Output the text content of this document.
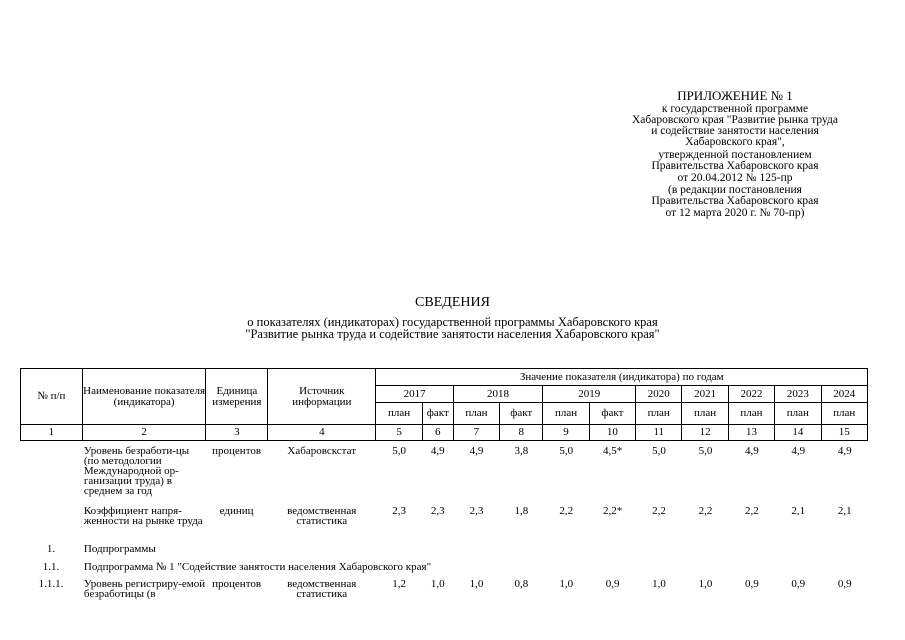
ПРИЛОЖЕНИЕ № 1
к государственной программе
Хабаровского края "Развитие рынка труда
и содействие занятости населения
Хабаровского края",
утвержденной постановлением
Правительства Хабаровского края
от 20.04.2012 № 125-пр
(в редакции постановления
Правительства Хабаровского края
от 12 марта 2020 г. № 70-пр)
СВЕДЕНИЯ
о показателях (индикаторах) государственной программы Хабаровского края
"Развитие рынка труда и содействие занятости населения Хабаровского края"
№ п/п	Наименование показателя (индикатора)	Единица измерения	Источник информации	Значение показателя (индикатора) по годам										
				2017		2018		2019		2020	2021	2022	2023	2024
				план	факт	план	факт	план	факт	план	план	план	план	план
1	2	3	4	5	6	7	8	9	10	11	12	13	14	15
	Уровень безработи-цы (по методологии Международной ор-ганизации труда) в среднем за год	процентов	Хабаровскстат	5,0	4,9	4,9	3,8	5,0	4,5*	5,0	5,0	4,9	4,9	4,9
	Коэффициент напря-женности на рынке труда	единиц	ведомственная статистика	2,3	2,3	2,3	1,8	2,2	2,2*	2,2	2,2	2,2	2,1	2,1
1.	Подпрограммы													
1.1.	Подпрограмма № 1 "Содействие занятости населения Хабаровского края"													
1.1.1.	Уровень регистриру-емой безработицы (в	процентов	ведомственная статистика	1,2	1,0	1,0	0,8	1,0	0,9	1,0	1,0	0,9	0,9	0,9
